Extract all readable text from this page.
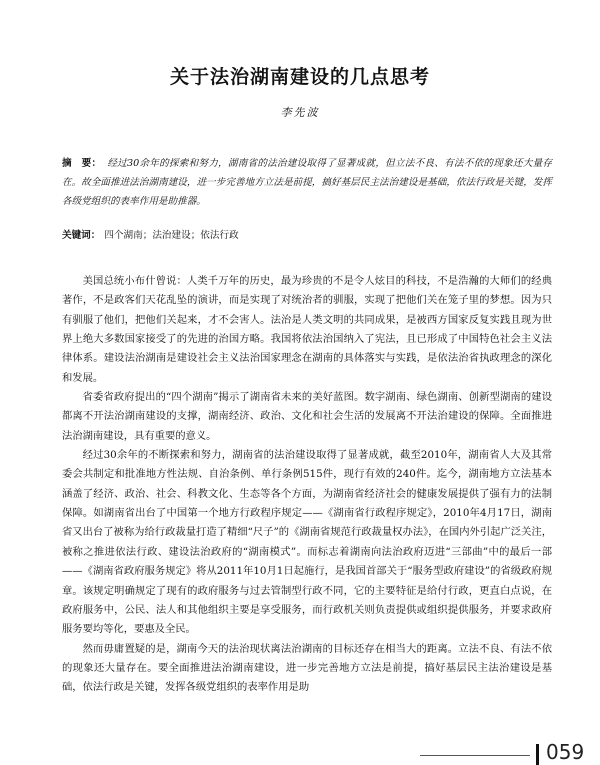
关于法治湖南建设的几点思考
李先波
摘　要： 经过30余年的探索和努力，湖南省的法治建设取得了显著成就，但立法不良、有法不依的现象还大量存在。故全面推进法治湖南建设，进一步完善地方立法是前提，搞好基层民主法治建设是基础，依法行政是关键，发挥各级党组织的表率作用是助推器。
关键词： 四个湖南；法治建设；依法行政

美国总统小布什曾说：人类千万年的历史，最为珍贵的不是令人炫目的科技，不是浩瀚的大师们的经典著作，不是政客们天花乱坠的演讲，而是实现了对统治者的驯服，实现了把他们关在笼子里的梦想。因为只有驯服了他们，把他们关起来，才不会害人。法治是人类文明的共同成果，是被西方国家反复实践且现为世界上绝大多数国家接受了的先进的治国方略。我国将依法治国纳入了宪法，且已形成了中国特色社会主义法律体系。建设法治湖南是建设社会主义法治国家理念在湖南的具体落实与实践，是依法治省执政理念的深化和发展。

省委省政府提出的“四个湖南”揭示了湖南省未来的美好蓝图。数字湖南、绿色湖南、创新型湖南的建设都离不开法治湖南建设的支撑，湖南经济、政治、文化和社会生活的发展离不开法治建设的保障。全面推进法治湖南建设，具有重要的意义。

经过30余年的不断探索和努力，湖南省的法治建设取得了显著成就，截至2010年，湖南省人大及其常委会共制定和批准地方性法规、自治条例、单行条例515件，现行有效的240件。迄今，湖南地方立法基本涵盖了经济、政治、社会、科教文化、生态等各个方面，为湖南省经济社会的健康发展提供了强有力的法制保障。如湖南省出台了中国第一个地方行政程序规定——《湖南省行政程序规定》，2010年4月17日，湖南省又出台了被称为给行政裁量打造了精细“尺子”的《湖南省规范行政裁量权办法》，在国内外引起广泛关注，被称之推进依法行政、建设法治政府的“湖南模式”。而标志着湖南向法治政府迈进“三部曲”中的最后一部——《湖南省政府服务规定》将从2011年10月1日起施行，是我国首部关于“服务型政府建设”的省级政府规章。该规定明确规定了现有的政府服务与过去管制型行政不同，它的主要特征是给付行政，更直白点说，在政府服务中，公民、法人和其他组织主要是享受服务，而行政机关则负责提供或组织提供服务，并要求政府服务要均等化，要惠及全民。

然而毋庸置疑的是，湖南今天的法治现状离法治湖南的目标还存在相当大的距离。立法不良、有法不依的现象还大量存在。要全面推进法治湖南建设，进一步完善地方立法是前提，搞好基层民主法治建设是基础，依法行政是关键，发挥各级党组织的表率作用是助

059
